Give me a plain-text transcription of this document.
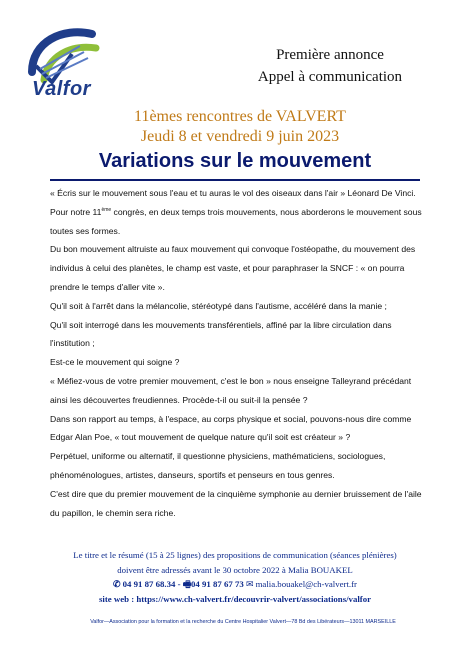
Valfor
Première annonce
Appel à communication
11èmes rencontres de VALVERT
Jeudi 8 et vendredi 9 juin 2023
Variations sur le mouvement

« Écris sur le mouvement sous l'eau et tu auras le vol des oiseaux dans l'air » Léonard De Vinci.

Pour notre 11ème congrès, en deux temps trois mouvements, nous aborderons le mouvement sous toutes ses formes.

Du bon mouvement altruiste au faux mouvement qui convoque l'ostéopathe, du mouvement des individus à celui des planètes, le champ est vaste, et pour paraphraser la SNCF : « on pourra prendre le temps d'aller vite ».

Qu'il soit à l'arrêt dans la mélancolie, stéréotypé dans l'autisme, accéléré dans la manie ;

Qu'il soit interrogé dans les mouvements transférentiels, affiné par la libre circulation dans l'institution ;

Est-ce le mouvement qui soigne ?

« Méfiez-vous de votre premier mouvement, c'est le bon » nous enseigne Talleyrand précédant ainsi les découvertes freudiennes. Procède-t-il ou suit-il la pensée ?

Dans son rapport au temps, à l'espace, au corps physique et social, pouvons-nous dire comme Edgar Alan Poe, « tout mouvement de quelque nature qu'il soit est créateur » ?

Perpétuel, uniforme ou alternatif, il questionne physiciens, mathématiciens, sociologues, phénoménologues, artistes, danseurs, sportifs et penseurs en tous genres.

C'est dire que du premier mouvement de la cinquième symphonie au dernier bruissement de l'aile du papillon, le chemin sera riche.

Le titre et le résumé (15 à 25 lignes) des propositions de communication (séances plénières) doivent être adressés avant le 30 octobre 2022 à Malia BOUAKEL
✆ 04 91 87 68.34 - 🖷04 91 87 67 73 ✉ malia.bouakel@ch-valvert.fr
site web : https://www.ch-valvert.fr/decouvrir-valvert/associations/valfor
Valfor—Association pour la formation et la recherche du Centre Hospitalier Valvert—78 Bd des Libérateurs—13011 MARSEILLE
